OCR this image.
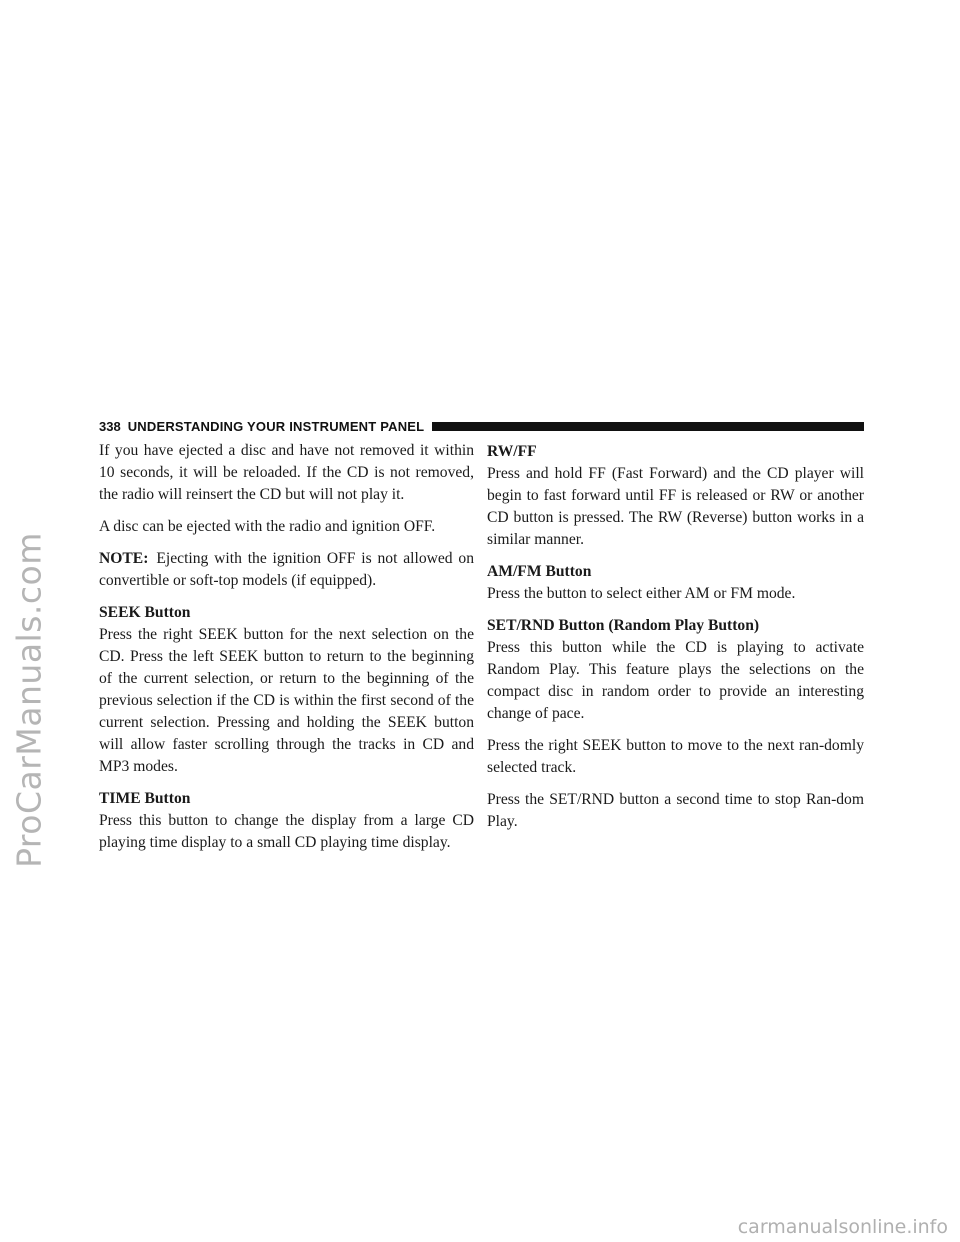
ProCarManuals.com
338 UNDERSTANDING YOUR INSTRUMENT PANEL

If you have ejected a disc and have not removed it within 10 seconds, it will be reloaded. If the CD is not removed, the radio will reinsert the CD but will not play it.

A disc can be ejected with the radio and ignition OFF.

NOTE: Ejecting with the ignition OFF is not allowed on convertible or soft-top models (if equipped).

SEEK Button

Press the right SEEK button for the next selection on the CD. Press the left SEEK button to return to the beginning of the current selection, or return to the beginning of the previous selection if the CD is within the first second of the current selection. Pressing and holding the SEEK button will allow faster scrolling through the tracks in CD and MP3 modes.

TIME Button

Press this button to change the display from a large CD playing time display to a small CD playing time display.

RW/FF

Press and hold FF (Fast Forward) and the CD player will begin to fast forward until FF is released or RW or another CD button is pressed. The RW (Reverse) button works in a similar manner.

AM/FM Button

Press the button to select either AM or FM mode.

SET/RND Button (Random Play Button)

Press this button while the CD is playing to activate Random Play. This feature plays the selections on the compact disc in random order to provide an interesting change of pace.

Press the right SEEK button to move to the next ran-domly selected track.

Press the SET/RND button a second time to stop Ran-dom Play.

carmanualsonline.info
